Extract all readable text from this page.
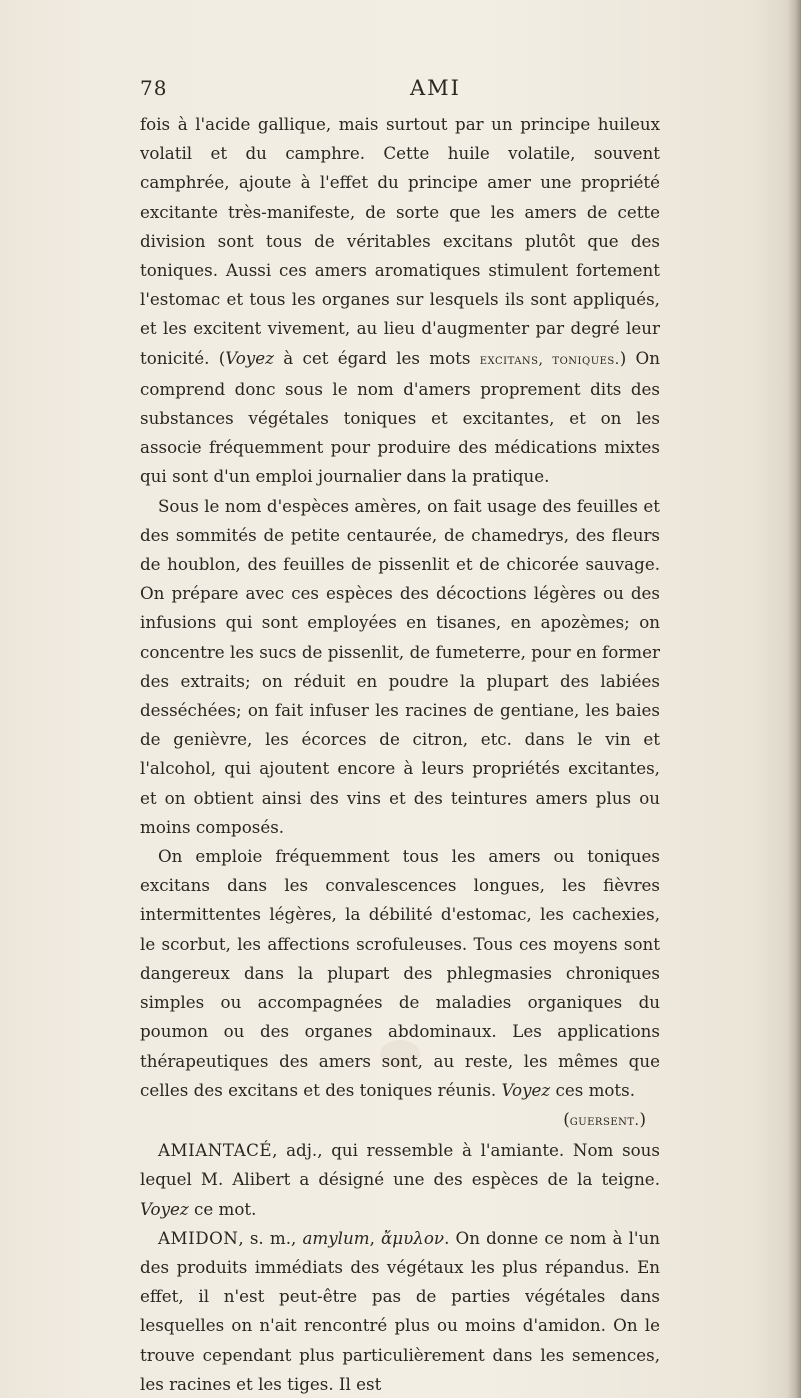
78	AMI

fois à l'acide gallique, mais surtout par un principe huileux volatil et du camphre. Cette huile volatile, souvent camphrée, ajoute à l'effet du principe amer une propriété excitante très-manifeste, de sorte que les amers de cette division sont tous de véritables excitans plutôt que des toniques. Aussi ces amers aromatiques stimulent fortement l'estomac et tous les organes sur lesquels ils sont appliqués, et les excitent vivement, au lieu d'augmenter par degré leur tonicité. (Voyez à cet égard les mots excitans, toniques.) On comprend donc sous le nom d'amers proprement dits des substances végétales toniques et excitantes, et on les associe fréquemment pour produire des médications mixtes qui sont d'un emploi journalier dans la pratique.

Sous le nom d'espèces amères, on fait usage des feuilles et des sommités de petite centaurée, de chamedrys, des fleurs de houblon, des feuilles de pissenlit et de chicorée sauvage. On prépare avec ces espèces des décoctions légères ou des infusions qui sont employées en tisanes, en apozèmes; on concentre les sucs de pissenlit, de fumeterre, pour en former des extraits; on réduit en poudre la plupart des labiées desséchées; on fait infuser les racines de gentiane, les baies de genièvre, les écorces de citron, etc. dans le vin et l'alcohol, qui ajoutent encore à leurs propriétés excitantes, et on obtient ainsi des vins et des teintures amers plus ou moins composés.

On emploie fréquemment tous les amers ou toniques excitans dans les convalescences longues, les fièvres intermittentes légères, la débilité d'estomac, les cachexies, le scorbut, les affections scrofuleuses. Tous ces moyens sont dangereux dans la plupart des phlegmasies chroniques simples ou accompagnées de maladies organiques du poumon ou des organes abdominaux. Les applications thérapeutiques des amers sont, au reste, les mêmes que celles des excitans et des toniques réunis. Voyez ces mots.

(guersent.)

AMIANTACÉ, adj., qui ressemble à l'amiante. Nom sous lequel M. Alibert a désigné une des espèces de la teigne. Voyez ce mot.

AMIDON, s. m., amylum, ἄμυλον. On donne ce nom à l'un des produits immédiats des végétaux les plus répandus. En effet, il n'est peut-être pas de parties végétales dans lesquelles on n'ait rencontré plus ou moins d'amidon. On le trouve cependant plus particulièrement dans les semences, les racines et les tiges. Il est
